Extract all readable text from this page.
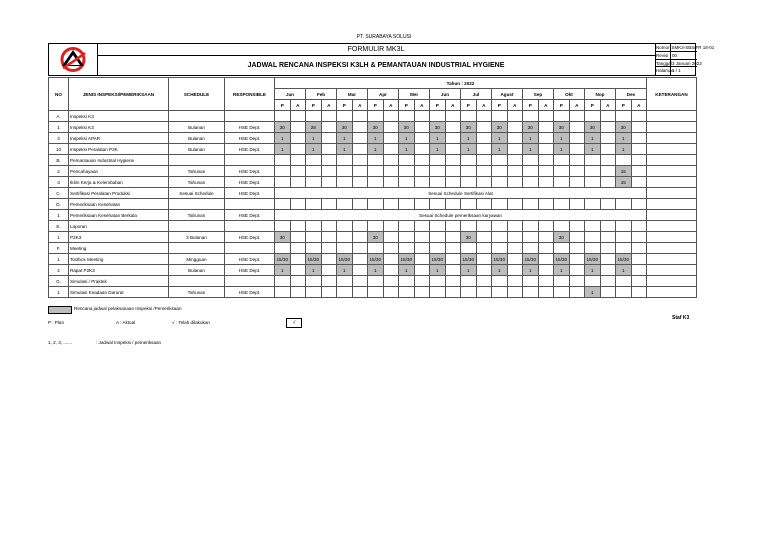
PT. SURABAYA SOLUSI
FORMULIR MK3L
JADWAL RENCANA INSPEKSI K3LH & PEMANTAUAN INDUSTRIAL HYGIENE
Nomor SMK3-SBS/FR 18-01
Revisi 00
Tanggal 3 Januari 2023
Halaman
1 / 1
NO	JENIS INSPEKSI/PEMERIKSAAN	SCHEDULE	RESPONSIBLE	Tahun : 2022																								KETERANGAN
				Jan		Feb		Mar		Apr		Mei		Jun		Jul		Agust		Sep		Okt		Nop		Des		
				P	A	P	A	P	A	P	A	P	A	P	A	P	A	P	A	P	A	P	A	P	A	P	A	
A.	Inspeksi K3																											
1	Inspeksi K3	Bulanan	HSE Dept.	30		28		30		30		30		30		30		30		30		30		30		30		
3	Inspeksi APAR	Bulanan	HSE Dept.	1		1		1		1		1		1		1		1		1		1		1		1		
10	Inspeksi Peralatan P3K	Bulanan	HSE Dept.	1		1		1		1		1		1		1		1		1		1		1		1		
B.	Pemantauan Industrial Hygiene																											
2	Pencahayaan	Tahunan	HSE Dept.																							15		
3	Iklim Kerja & Kelembaban	Tahunan	HSE Dept.																							15		
C.	Sertifikasi Peralatan Produksi	Sesuai Schedule	HSE Dept.	Sesuai Schedule Sertifikasi Alat																								
D.	Pemeriksaan Kesehatan																											
1	Pemeriksaan Kesehatan Berkala	Tahunan	HSE Dept.	Sesuai Schedule pemeriksaan karyawan																								
E.	Laporan																											
1	P2K3	3 Bulanan	HSE Dept.	30						30						30						30						
F.	Meeting																											
1	Toolbox Meeting	Mingguan	HSE Dept.	15/30		15/30		15/30		15/30		15/30		15/30		15/30		15/30		15/30		15/30		15/30		15/30		
2	Rapat P2K3	Bulanan	HSE Dept.	1		1		1		1		1		1		1		1		1		1		1		1		
G.	Simulasi / Praktek																											
1	Simulasi Keadaan Darurat	Tahunan	HSE Dept.																					1				
Rencana jadwal pelaksanaan Inspeksi /Pemeriksaan
P : Plan	A : Aktual	√ : Telah dilakukan	√
1, 2, 3, .......	: Jadwal Inspeksi / pemeriksaan
Staf K3
